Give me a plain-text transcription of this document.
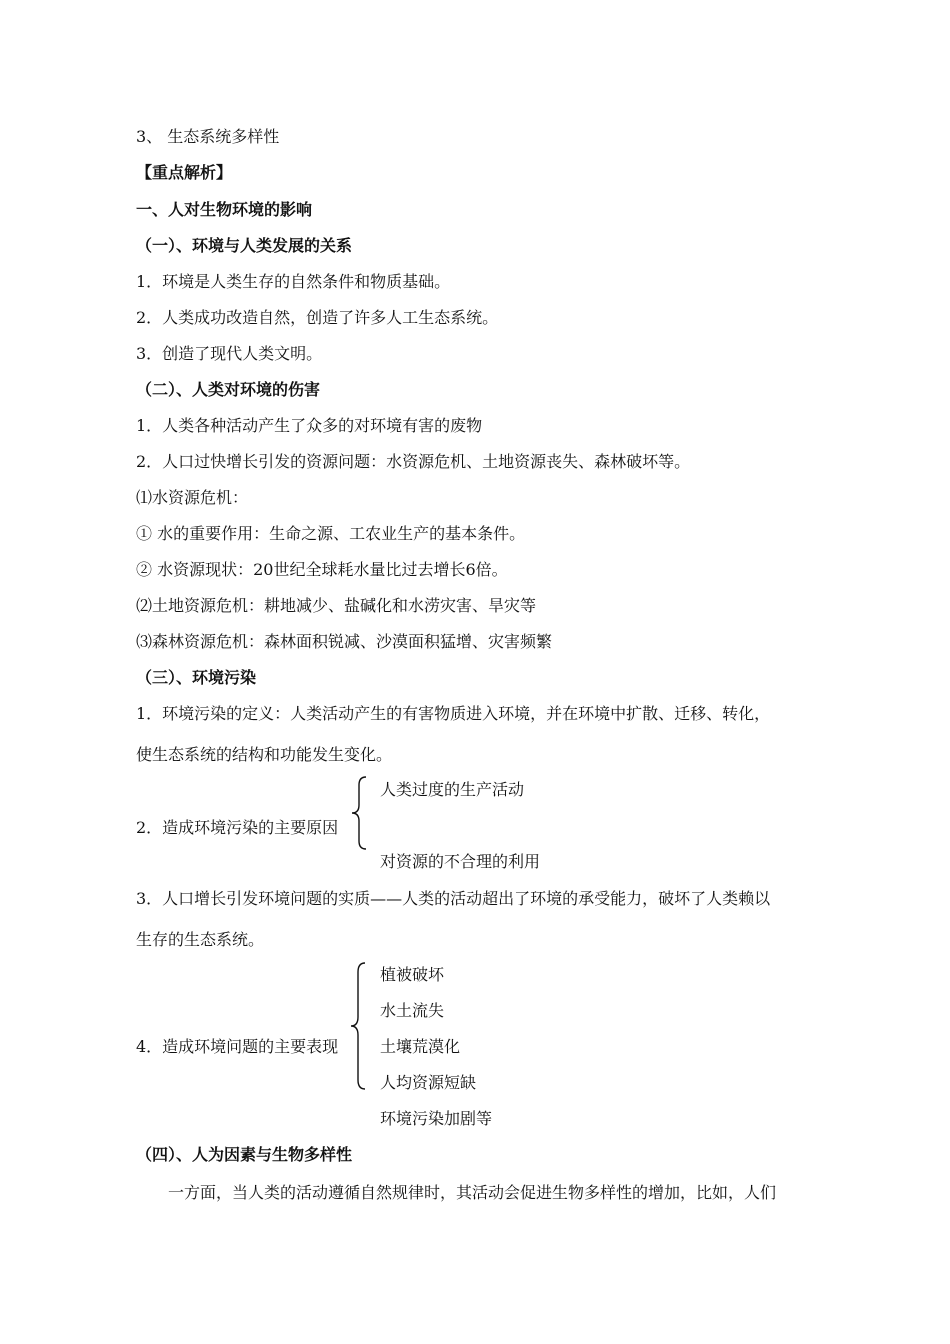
3、 生态系统多样性
【重点解析】
一、人对生物环境的影响
（一）、环境与人类发展的关系
1．环境是人类生存的自然条件和物质基础。
2．人类成功改造自然，创造了许多人工生态系统。
3．创造了现代人类文明。
（二）、人类对环境的伤害
1．人类各种活动产生了众多的对环境有害的废物
2．人口过快增长引发的资源问题：水资源危机、土地资源丧失、森林破坏等。
⑴水资源危机：
① 水的重要作用：生命之源、工农业生产的基本条件。
② 水资源现状：20世纪全球耗水量比过去增长6倍。
⑵土地资源危机：耕地减少、盐碱化和水涝灾害、旱灾等
⑶森林资源危机：森林面积锐减、沙漠面积猛增、灾害频繁
（三）、环境污染
1．环境污染的定义：人类活动产生的有害物质进入环境，并在环境中扩散、迁移、转化，
使生态系统的结构和功能发生变化。
2．造成环境污染的主要原因
人类过度的生产活动
对资源的不合理的利用
3．人口增长引发环境问题的实质——人类的活动超出了环境的承受能力，破坏了人类赖以
生存的生态系统。
4．造成环境问题的主要表现
植被破坏
水土流失
土壤荒漠化
人均资源短缺
环境污染加剧等
（四）、人为因素与生物多样性
一方面，当人类的活动遵循自然规律时，其活动会促进生物多样性的增加，比如，人们
